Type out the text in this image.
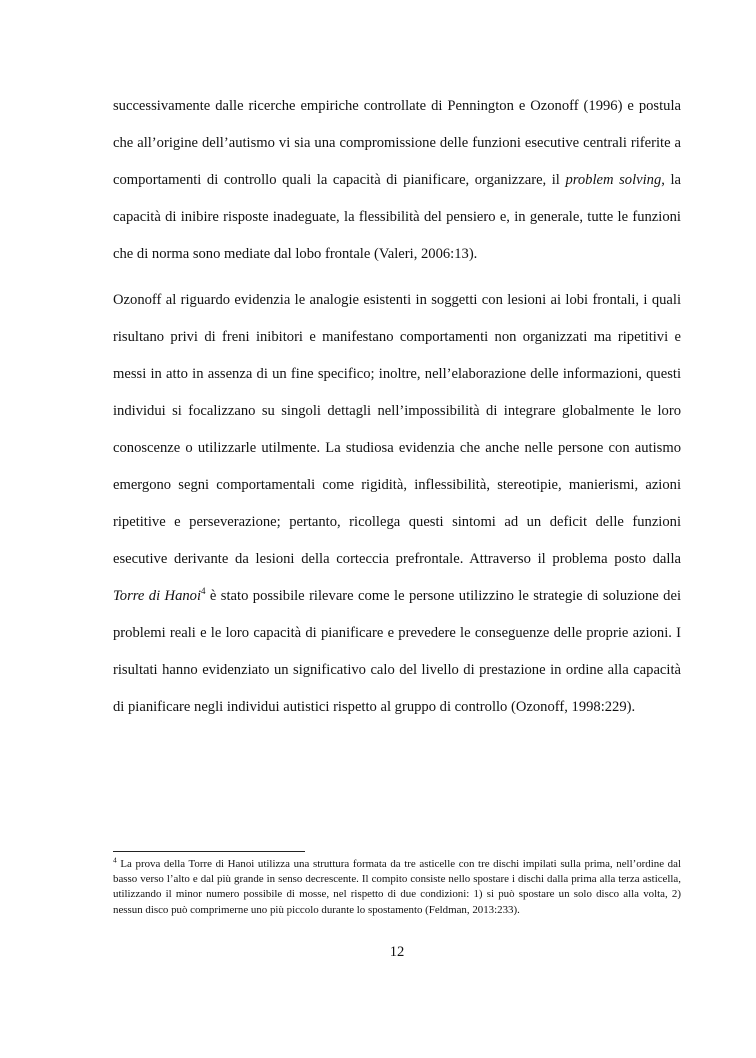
successivamente dalle ricerche empiriche controllate di Pennington e Ozonoff (1996) e postula che all’origine dell’autismo vi sia una compromissione delle funzioni esecutive centrali riferite a comportamenti di controllo quali la capacità di pianificare, organizzare, il problem solving, la capacità di inibire risposte inadeguate, la flessibilità del pensiero e, in generale, tutte le funzioni che di norma sono mediate dal lobo frontale (Valeri, 2006:13).

Ozonoff al riguardo evidenzia le analogie esistenti in soggetti con lesioni ai lobi frontali, i quali risultano privi di freni inibitori e manifestano comportamenti non organizzati ma ripetitivi e messi in atto in assenza di un fine specifico; inoltre, nell’elaborazione delle informazioni, questi individui si focalizzano su singoli dettagli nell’impossibilità di integrare globalmente le loro conoscenze o utilizzarle utilmente. La studiosa evidenzia che anche nelle persone con autismo emergono segni comportamentali come rigidità, inflessibilità, stereotipie, manierismi, azioni ripetitive e perseverazione; pertanto, ricollega questi sintomi ad un deficit delle funzioni esecutive derivante da lesioni della corteccia prefrontale. Attraverso il problema posto dalla Torre di Hanoi$^4$ è stato possibile rilevare come le persone utilizzino le strategie di soluzione dei problemi reali e le loro capacità di pianificare e prevedere le conseguenze delle proprie azioni. I risultati hanno evidenziato un significativo calo del livello di prestazione in ordine alla capacità di pianificare negli individui autistici rispetto al gruppo di controllo (Ozonoff, 1998:229).

$^4$ La prova della Torre di Hanoi utilizza una struttura formata da tre asticelle con tre dischi impilati sulla prima, nell’ordine dal basso verso l’alto e dal più grande in senso decrescente. Il compito consiste nello spostare i dischi dalla prima alla terza asticella, utilizzando il minor numero possibile di mosse, nel rispetto di due condizioni: 1) si può spostare un solo disco alla volta, 2) nessun disco può comprimerne uno più piccolo durante lo spostamento (Feldman, 2013:233).

12
